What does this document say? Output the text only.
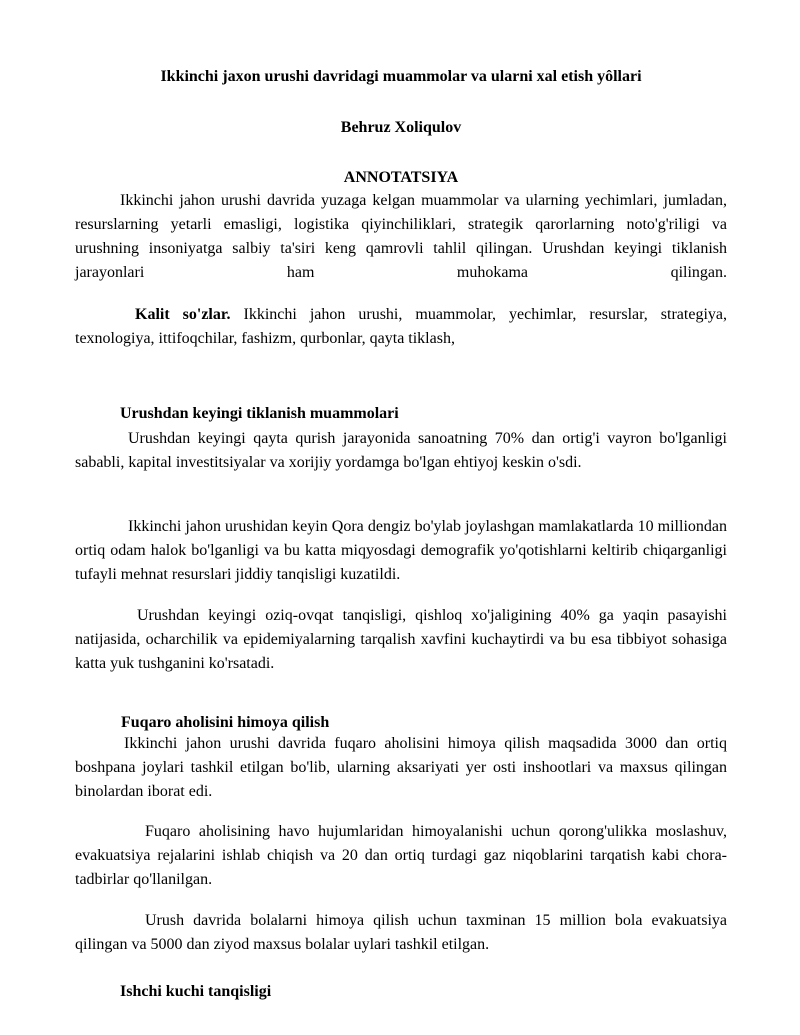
Ikkinchi jaxon urushi davridagi muammolar va ularni xal etish yôllari
Behruz Xoliqulov
ANNOTATSIYA

Ikkinchi jahon urushi davrida yuzaga kelgan muammolar va ularning yechimlari, jumladan, resurslarning yetarli emasligi, logistika qiyinchiliklari, strategik qarorlarning noto'g'riligi va urushning insoniyatga salbiy ta'siri keng qamrovli tahlil qilingan. Urushdan keyingi tiklanish jarayonlari ham muhokama qilingan.

Kalit so'zlar. Ikkinchi jahon urushi, muammolar, yechimlar, resurslar, strategiya, texnologiya, ittifoqchilar, fashizm, qurbonlar, qayta tiklash,

Urushdan keyingi tiklanish muammolari

Urushdan keyingi qayta qurish jarayonida sanoatning 70% dan ortig'i vayron bo'lganligi sababli, kapital investitsiyalar va xorijiy yordamga bo'lgan ehtiyoj keskin o'sdi.

Ikkinchi jahon urushidan keyin Qora dengiz bo'ylab joylashgan mamlakatlarda 10 milliondan ortiq odam halok bo'lganligi va bu katta miqyosdagi demografik yo'qotishlarni keltirib chiqarganligi tufayli mehnat resurslari jiddiy tanqisligi kuzatildi.

Urushdan keyingi oziq-ovqat tanqisligi, qishloq xo'jaligining 40% ga yaqin pasayishi natijasida, ocharchilik va epidemiyalarning tarqalish xavfini kuchaytirdi va bu esa tibbiyot sohasiga katta yuk tushganini ko'rsatadi.

Fuqaro aholisini himoya qilish

Ikkinchi jahon urushi davrida fuqaro aholisini himoya qilish maqsadida 3000 dan ortiq boshpana joylari tashkil etilgan bo'lib, ularning aksariyati yer osti inshootlari va maxsus qilingan binolardan iborat edi.

Fuqaro aholisining havo hujumlaridan himoyalanishi uchun qorong'ulikka moslashuv, evakuatsiya rejalarini ishlab chiqish va 20 dan ortiq turdagi gaz niqoblarini tarqatish kabi chora-tadbirlar qo'llanilgan.

Urush davrida bolalarni himoya qilish uchun taxminan 15 million bola evakuatsiya qilingan va 5000 dan ziyod maxsus bolalar uylari tashkil etilgan.

Ishchi kuchi tanqisligi
